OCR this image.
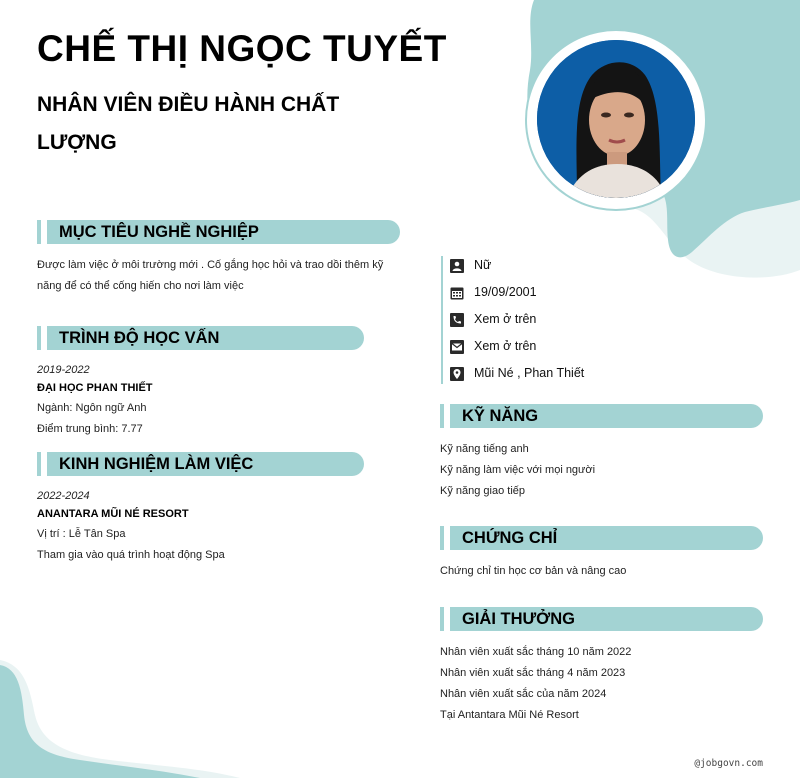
CHẾ THỊ NGỌC TUYẾT
NHÂN VIÊN ĐIỀU HÀNH CHẤT LƯỢNG
MỤC TIÊU NGHỀ NGHIỆP
Được làm việc ở môi trường mới . Cố gắng học hỏi và trao dồi thêm kỹ năng để có thể cống hiến cho nơi làm việc
TRÌNH ĐỘ HỌC VẤN
2019-2022
ĐẠI HỌC PHAN THIẾT
Ngành: Ngôn ngữ Anh
Điểm trung bình: 7.77
KINH NGHIỆM LÀM VIỆC
2022-2024
ANANTARA MŨI NÉ RESORT
Vị trí : Lễ Tân Spa
Tham gia vào quá trình hoạt động Spa
Nữ
19/09/2001
Xem ở trên
Xem ở trên
Mũi Né , Phan Thiết
KỸ NĂNG
Kỹ năng tiếng anh
Kỹ năng làm việc với mọi người
Kỹ năng giao tiếp
CHỨNG CHỈ
Chứng chỉ tin học cơ bản và nâng cao
GIẢI THƯỞNG
Nhân viên xuất sắc tháng 10 năm 2022
Nhân viên xuất sắc tháng 4 năm 2023
Nhân viên xuất sắc của năm 2024
Tại Antantara Mũi Né Resort
@jobgovn.com
